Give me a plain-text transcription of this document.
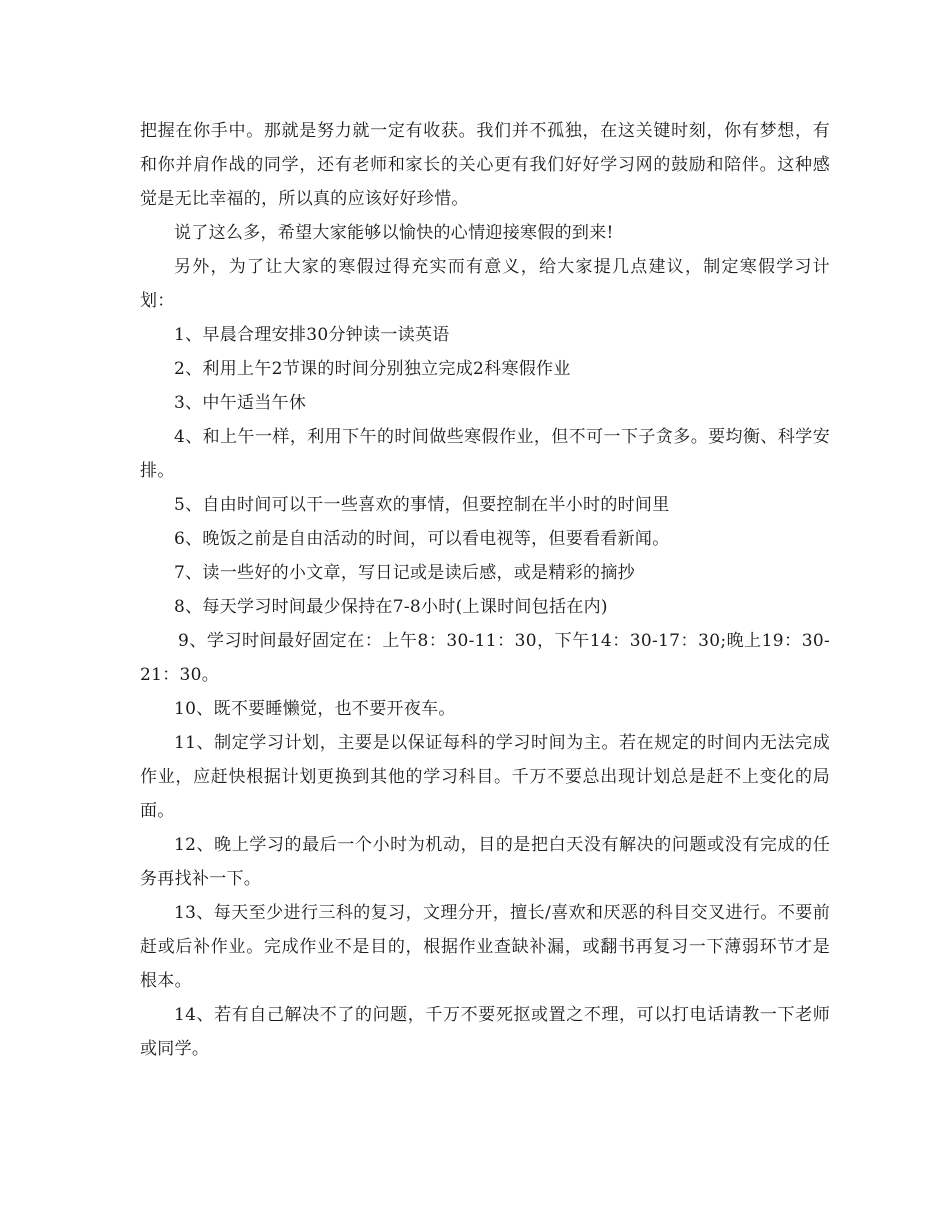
把握在你手中。那就是努力就一定有收获。我们并不孤独，在这关键时刻，你有梦想，有和你并肩作战的同学，还有老师和家长的关心更有我们好好学习网的鼓励和陪伴。这种感觉是无比幸福的，所以真的应该好好珍惜。

说了这么多，希望大家能够以愉快的心情迎接寒假的到来!

另外，为了让大家的寒假过得充实而有意义，给大家提几点建议，制定寒假学习计划：

1、早晨合理安排30分钟读一读英语

2、利用上午2节课的时间分别独立完成2科寒假作业

3、中午适当午休

4、和上午一样，利用下午的时间做些寒假作业，但不可一下子贪多。要均衡、科学安排。

5、自由时间可以干一些喜欢的事情，但要控制在半小时的时间里

6、晚饭之前是自由活动的时间，可以看电视等，但要看看新闻。

7、读一些好的小文章，写日记或是读后感，或是精彩的摘抄

8、每天学习时间最少保持在7-8小时(上课时间包括在内)

9、学习时间最好固定在：上午8：30-11：30，下午14：30-17：30;晚上19：30-21：30。

10、既不要睡懒觉，也不要开夜车。

11、制定学习计划，主要是以保证每科的学习时间为主。若在规定的时间内无法完成作业，应赶快根据计划更换到其他的学习科目。千万不要总出现计划总是赶不上变化的局面。

12、晚上学习的最后一个小时为机动，目的是把白天没有解决的问题或没有完成的任务再找补一下。

13、每天至少进行三科的复习，文理分开，擅长/喜欢和厌恶的科目交叉进行。不要前赶或后补作业。完成作业不是目的，根据作业查缺补漏，或翻书再复习一下薄弱环节才是根本。

14、若有自己解决不了的问题，千万不要死抠或置之不理，可以打电话请教一下老师或同学。
